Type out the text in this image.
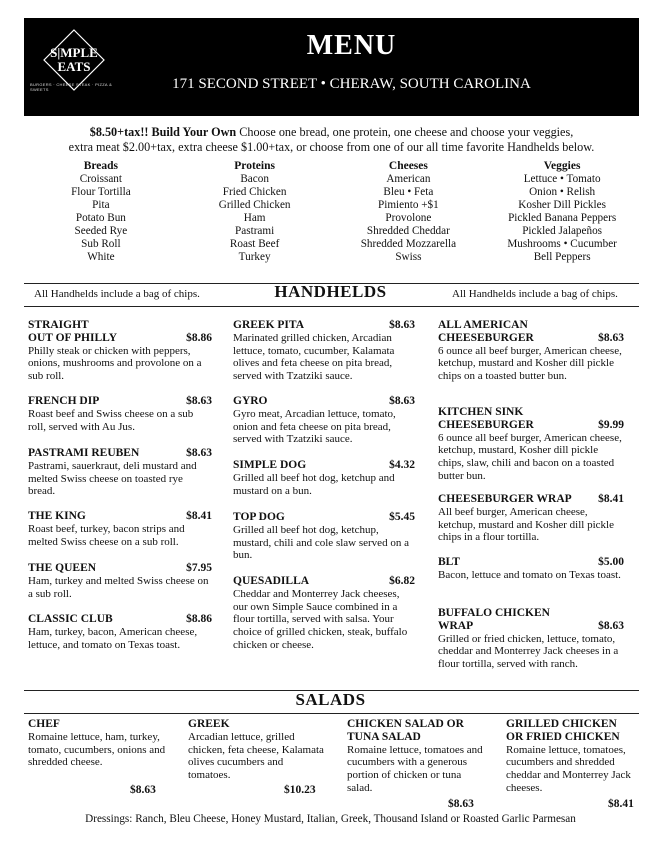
S|MPLE
EATS
BURGERS · CHEESE STEAK · PIZZA & SWEETS
MENU
171 SECOND STREET • CHERAW, SOUTH CAROLINA
CATERING • CURBSIDE PICKUP • 843-253-5018 • DINE IN • CARRY OUT
$8.50+tax!! Build Your Own Choose one bread, one protein, one cheese and choose your veggies,
extra meat $2.00+tax, extra cheese $1.00+tax, or choose from one of our all time favorite Handhelds below.
Breads
Croissant
Flour Tortilla
Pita
Potato Bun
Seeded Rye
Sub Roll
White
Proteins
Bacon
Fried Chicken
Grilled Chicken
Ham
Pastrami
Roast Beef
Turkey
Cheeses
American
Bleu • Feta
Pimiento +$1
Provolone
Shredded Cheddar
Shredded Mozzarella
Swiss
Veggies
Lettuce • Tomato
Onion • Relish
Kosher Dill Pickles
Pickled Banana Peppers
Pickled Jalapeños
Mushrooms • Cucumber
Bell Peppers
All Handhelds include a bag of chips.	HANDHELDS	All Handhelds include a bag of chips.
STRAIGHT
OUT OF PHILLY	$8.86
Philly steak or chicken with peppers, onions, mushrooms and provolone on a sub roll.
FRENCH DIP	$8.63
Roast beef and Swiss cheese on a sub roll, served with Au Jus.
PASTRAMI REUBEN	$8.63
Pastrami, sauerkraut, deli mustard and melted Swiss cheese on toasted rye bread.
THE KING	$8.41
Roast beef, turkey, bacon strips and melted Swiss cheese on a sub roll.
THE QUEEN	$7.95
Ham, turkey and melted Swiss cheese on a sub roll.
CLASSIC CLUB	$8.86
Ham, turkey, bacon, American cheese, lettuce, and tomato on Texas toast.
GREEK PITA	$8.63
Marinated grilled chicken, Arcadian lettuce, tomato, cucumber, Kalamata olives and feta cheese on pita bread, served with Tzatziki sauce.
GYRO	$8.63
Gyro meat, Arcadian lettuce, tomato, onion and feta cheese on pita bread, served with Tzatziki sauce.
SIMPLE DOG	$4.32
Grilled all beef hot dog, ketchup and mustard on a bun.
TOP DOG	$5.45
Grilled all beef hot dog, ketchup, mustard, chili and cole slaw served on a bun.
QUESADILLA	$6.82
Cheddar and Monterrey Jack cheeses, our own Simple Sauce combined in a flour tortilla, served with salsa. Your choice of grilled chicken, steak, buffalo chicken or cheese.
ALL AMERICAN
CHEESEBURGER	$8.63
6 ounce all beef burger, American cheese, ketchup, mustard and Kosher dill pickle chips on a toasted butter bun.
KITCHEN SINK
CHEESEBURGER	$9.99
6 ounce all beef burger, American cheese, ketchup, mustard, Kosher dill pickle chips, slaw, chili and bacon on a toasted butter bun.
CHEESEBURGER WRAP $8.41
All beef burger, American cheese, ketchup, mustard and Kosher dill pickle chips in a flour tortilla.
BLT	$5.00
Bacon, lettuce and tomato on Texas toast.
BUFFALO CHICKEN
WRAP	$8.63
Grilled or fried chicken, lettuce, tomato, cheddar and Monterrey Jack cheeses in a flour tortilla, served with ranch.
SALADS
CHEF
Romaine lettuce, ham, turkey, tomato, cucumbers, onions and shredded cheese.
$8.63
GREEK
Arcadian lettuce, grilled chicken, feta cheese, Kalamata olives cucumbers and tomatoes.
$10.23
CHICKEN SALAD OR TUNA SALAD
Romaine lettuce, tomatoes and cucumbers with a generous portion of chicken or tuna salad.
$8.63
GRILLED CHICKEN OR FRIED CHICKEN
Romaine lettuce, tomatoes, cucumbers and shredded cheddar and Monterrey Jack cheeses.
$8.41
Dressings: Ranch, Bleu Cheese, Honey Mustard, Italian, Greek, Thousand Island or Roasted Garlic Parmesan
